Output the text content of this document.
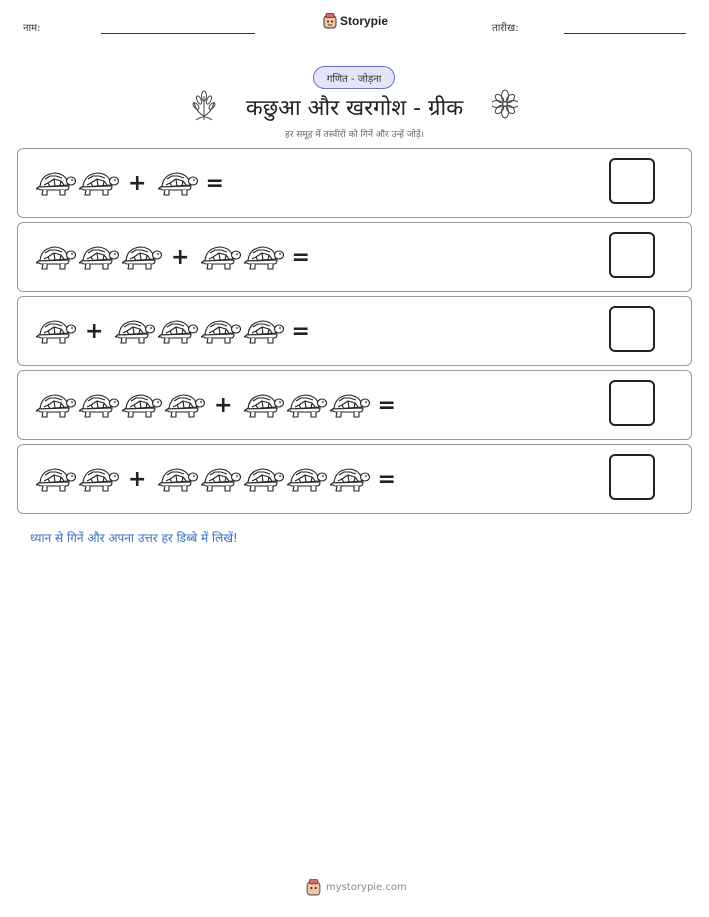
नाम:
Storypie
तारीख:
गणित - जोड़ना
कछुआ और खरगोश - ग्रीक
हर समूह में तस्वीरों को गिनें और उन्हें जोड़ें।
+	=
+	=
+	=
+	=
+	=
ध्यान से गिनें और अपना उत्तर हर डिब्बे में लिखें!
mystorypie.com
